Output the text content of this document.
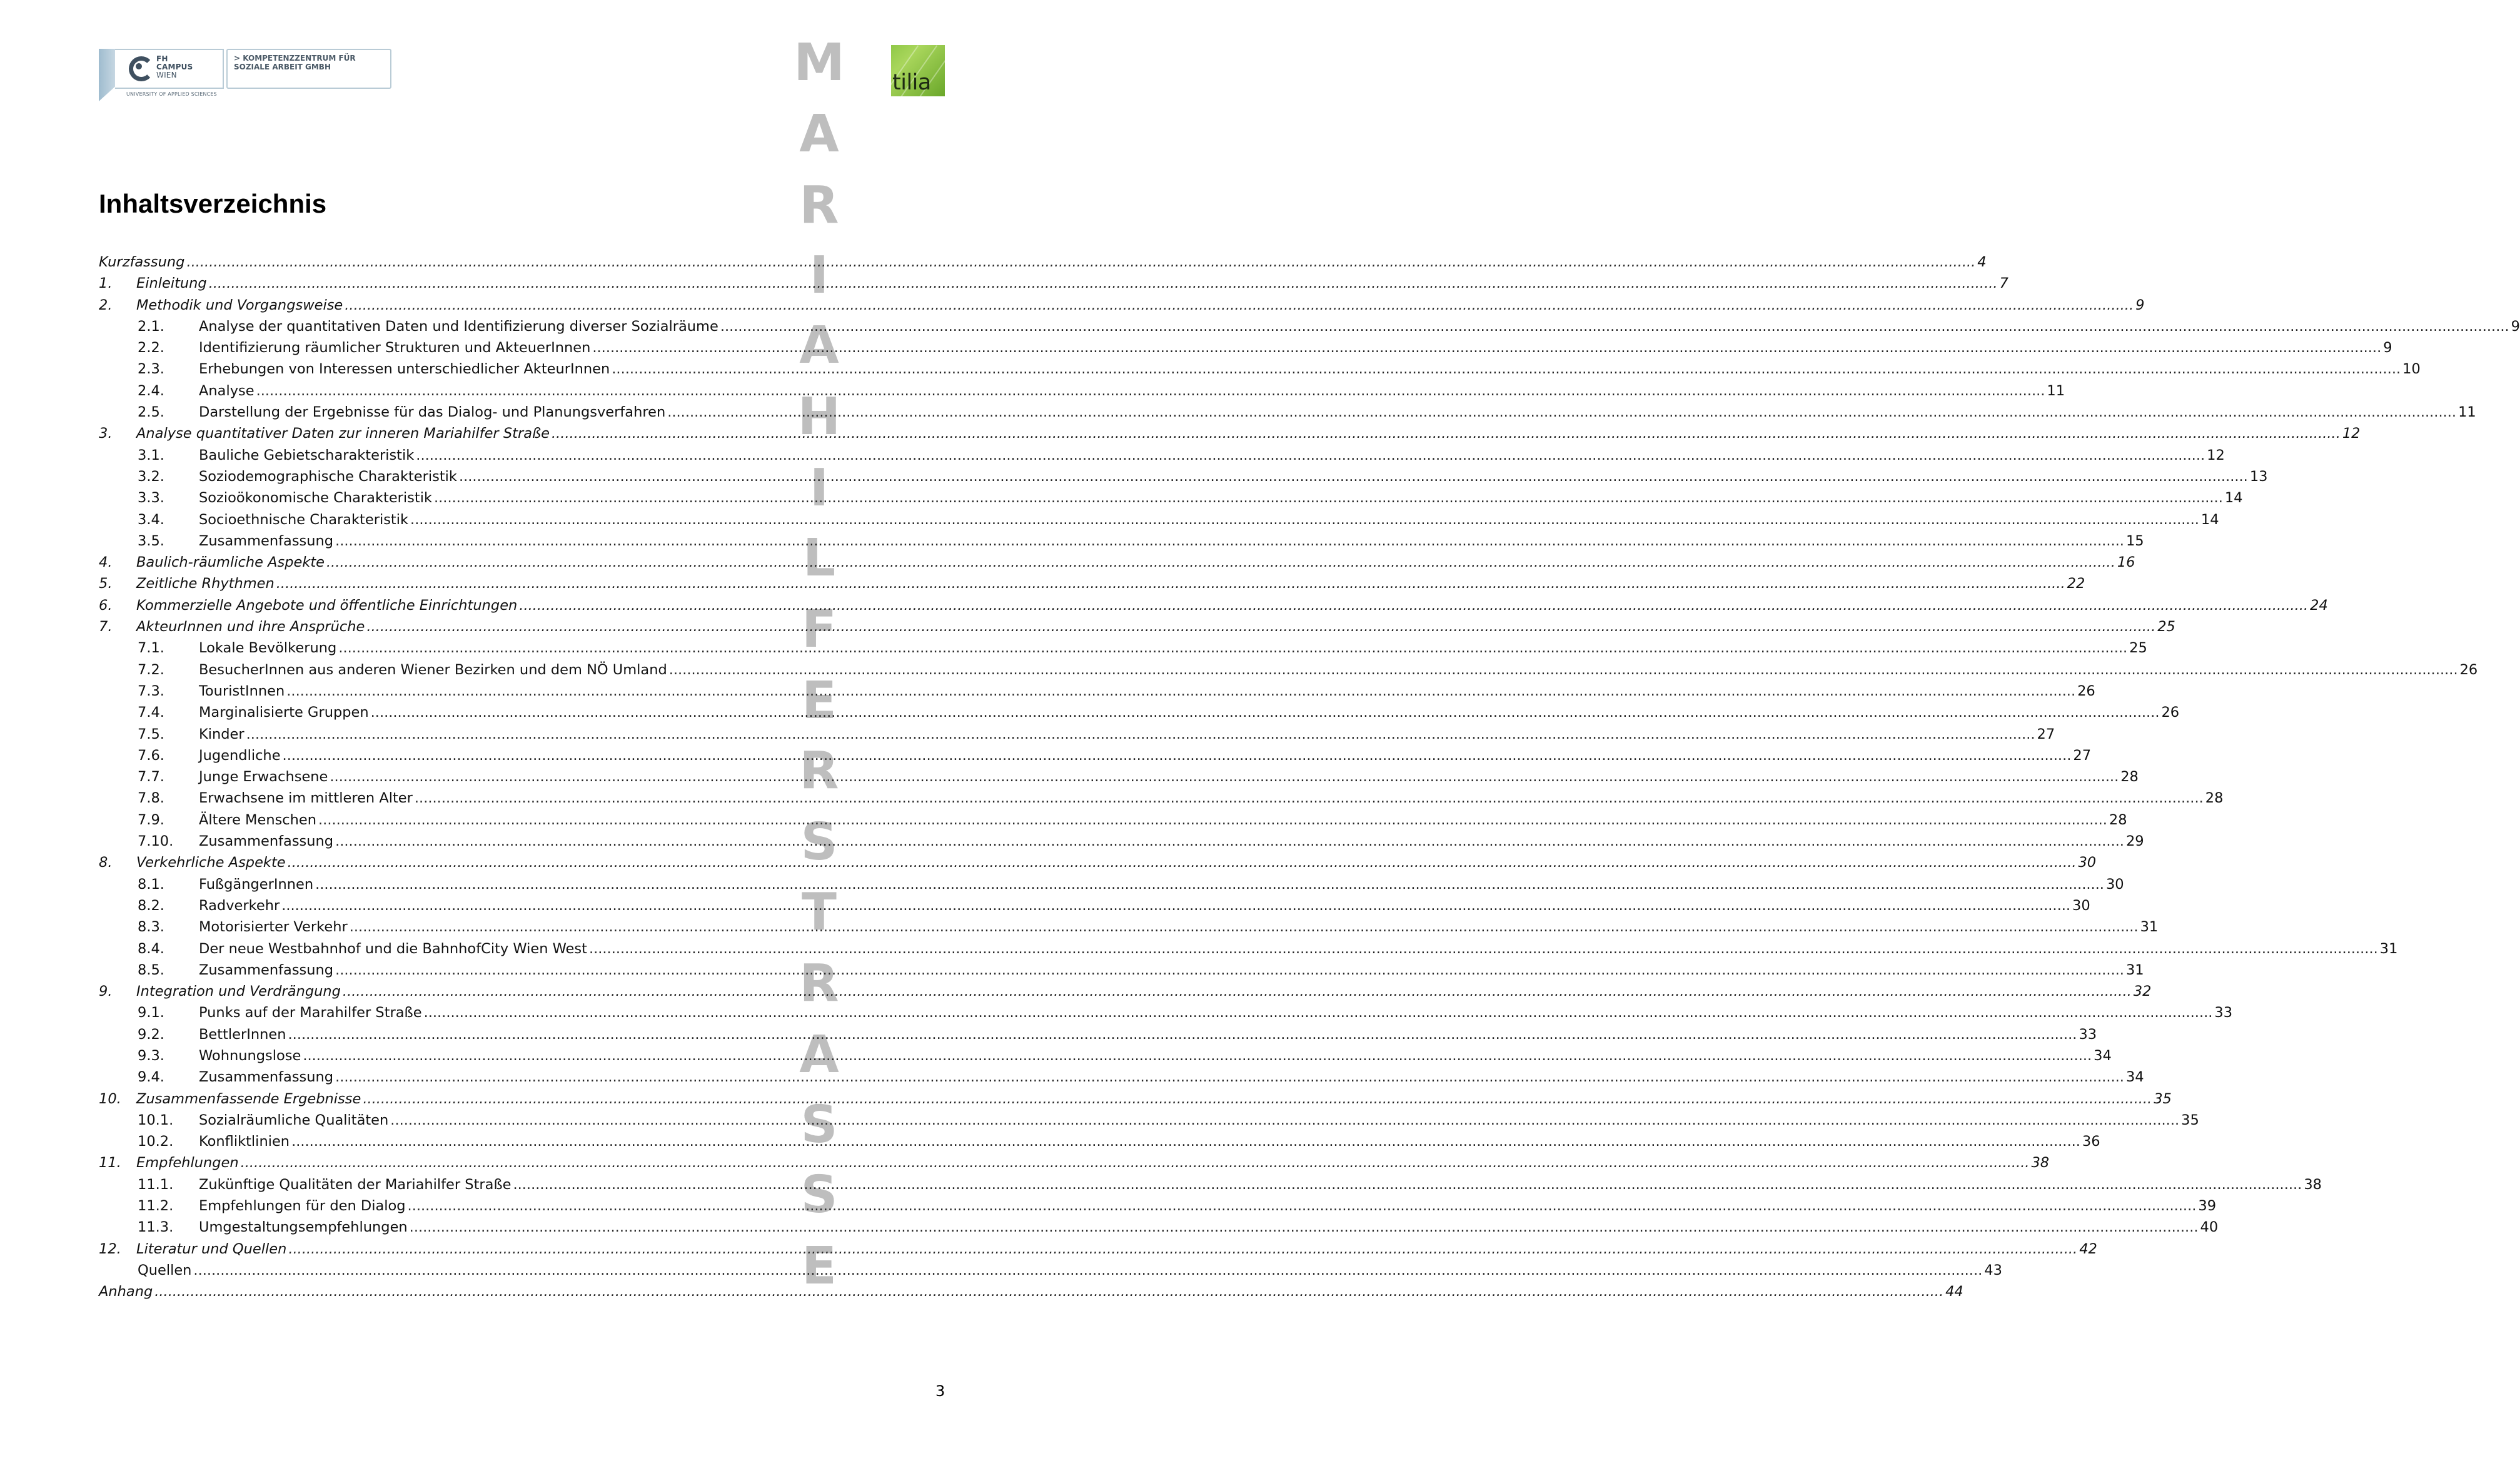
FH
CAMPUS
WIEN
> KOMPETENZZENTRUM FÜR
SOZIALE ARBEIT GMBH
UNIVERSITY OF APPLIED SCIENCES	tilia
M
A
R
I
A
H
I
L
F
E
R
S
T
R
A
S
S
E
Inhaltsverzeichnis
Kurzfassung ................................................................................................................................................................................................................................................................................................................................................................................................................ 4
1.	Einleitung ................................................................................................................................................................................................................................................................................................................................................................................................................ 7
2.	Methodik und Vorgangsweise ................................................................................................................................................................................................................................................................................................................................................................................................................ 9
2.1.	Analyse der quantitativen Daten und Identifizierung diverser Sozialräume ................................................................................................................................................................................................................................................................................................................................................................................................................ 9
2.2.	Identifizierung räumlicher Strukturen und AkteuerInnen ................................................................................................................................................................................................................................................................................................................................................................................................................ 9
2.3.	Erhebungen von Interessen unterschiedlicher AkteurInnen ................................................................................................................................................................................................................................................................................................................................................................................................................ 10
2.4.	Analyse ................................................................................................................................................................................................................................................................................................................................................................................................................ 11
2.5.	Darstellung der Ergebnisse für das Dialog- und Planungsverfahren ................................................................................................................................................................................................................................................................................................................................................................................................................ 11
3.	Analyse quantitativer Daten zur inneren Mariahilfer Straße ................................................................................................................................................................................................................................................................................................................................................................................................................ 12
3.1.	Bauliche Gebietscharakteristik ................................................................................................................................................................................................................................................................................................................................................................................................................ 12
3.2.	Soziodemographische Charakteristik ................................................................................................................................................................................................................................................................................................................................................................................................................ 13
3.3.	Sozioökonomische Charakteristik ................................................................................................................................................................................................................................................................................................................................................................................................................ 14
3.4.	Socioethnische Charakteristik ................................................................................................................................................................................................................................................................................................................................................................................................................ 14
3.5.	Zusammenfassung ................................................................................................................................................................................................................................................................................................................................................................................................................ 15
4.	Baulich-räumliche Aspekte ................................................................................................................................................................................................................................................................................................................................................................................................................ 16
5.	Zeitliche Rhythmen ................................................................................................................................................................................................................................................................................................................................................................................................................ 22
6.	Kommerzielle Angebote und öffentliche Einrichtungen ................................................................................................................................................................................................................................................................................................................................................................................................................ 24
7.	AkteurInnen und ihre Ansprüche ................................................................................................................................................................................................................................................................................................................................................................................................................ 25
7.1.	Lokale Bevölkerung ................................................................................................................................................................................................................................................................................................................................................................................................................ 25
7.2.	BesucherInnen aus anderen Wiener Bezirken und dem NÖ Umland ................................................................................................................................................................................................................................................................................................................................................................................................................ 26
7.3.	TouristInnen ................................................................................................................................................................................................................................................................................................................................................................................................................ 26
7.4.	Marginalisierte Gruppen ................................................................................................................................................................................................................................................................................................................................................................................................................ 26
7.5.	Kinder ................................................................................................................................................................................................................................................................................................................................................................................................................ 27
7.6.	Jugendliche ................................................................................................................................................................................................................................................................................................................................................................................................................ 27
7.7.	Junge Erwachsene ................................................................................................................................................................................................................................................................................................................................................................................................................ 28
7.8.	Erwachsene im mittleren Alter ................................................................................................................................................................................................................................................................................................................................................................................................................ 28
7.9.	Ältere Menschen ................................................................................................................................................................................................................................................................................................................................................................................................................ 28
7.10.	Zusammenfassung ................................................................................................................................................................................................................................................................................................................................................................................................................ 29
8.	Verkehrliche Aspekte ................................................................................................................................................................................................................................................................................................................................................................................................................ 30
8.1.	FußgängerInnen ................................................................................................................................................................................................................................................................................................................................................................................................................ 30
8.2.	Radverkehr ................................................................................................................................................................................................................................................................................................................................................................................................................ 30
8.3.	Motorisierter Verkehr ................................................................................................................................................................................................................................................................................................................................................................................................................ 31
8.4.	Der neue Westbahnhof und die BahnhofCity Wien West ................................................................................................................................................................................................................................................................................................................................................................................................................ 31
8.5.	Zusammenfassung ................................................................................................................................................................................................................................................................................................................................................................................................................ 31
9.	Integration und Verdrängung ................................................................................................................................................................................................................................................................................................................................................................................................................ 32
9.1.	Punks auf der Marahilfer Straße ................................................................................................................................................................................................................................................................................................................................................................................................................ 33
9.2.	BettlerInnen ................................................................................................................................................................................................................................................................................................................................................................................................................ 33
9.3.	Wohnungslose ................................................................................................................................................................................................................................................................................................................................................................................................................ 34
9.4.	Zusammenfassung ................................................................................................................................................................................................................................................................................................................................................................................................................ 34
10.	Zusammenfassende Ergebnisse ................................................................................................................................................................................................................................................................................................................................................................................................................ 35
10.1.	Sozialräumliche Qualitäten ................................................................................................................................................................................................................................................................................................................................................................................................................ 35
10.2.	Konfliktlinien ................................................................................................................................................................................................................................................................................................................................................................................................................ 36
11.	Empfehlungen ................................................................................................................................................................................................................................................................................................................................................................................................................ 38
11.1.	Zukünftige Qualitäten der Mariahilfer Straße ................................................................................................................................................................................................................................................................................................................................................................................................................ 38
11.2.	Empfehlungen für den Dialog ................................................................................................................................................................................................................................................................................................................................................................................................................ 39
11.3.	Umgestaltungsempfehlungen ................................................................................................................................................................................................................................................................................................................................................................................................................ 40
12.	Literatur und Quellen ................................................................................................................................................................................................................................................................................................................................................................................................................ 42
Quellen ................................................................................................................................................................................................................................................................................................................................................................................................................ 43
Anhang ................................................................................................................................................................................................................................................................................................................................................................................................................ 44
3
